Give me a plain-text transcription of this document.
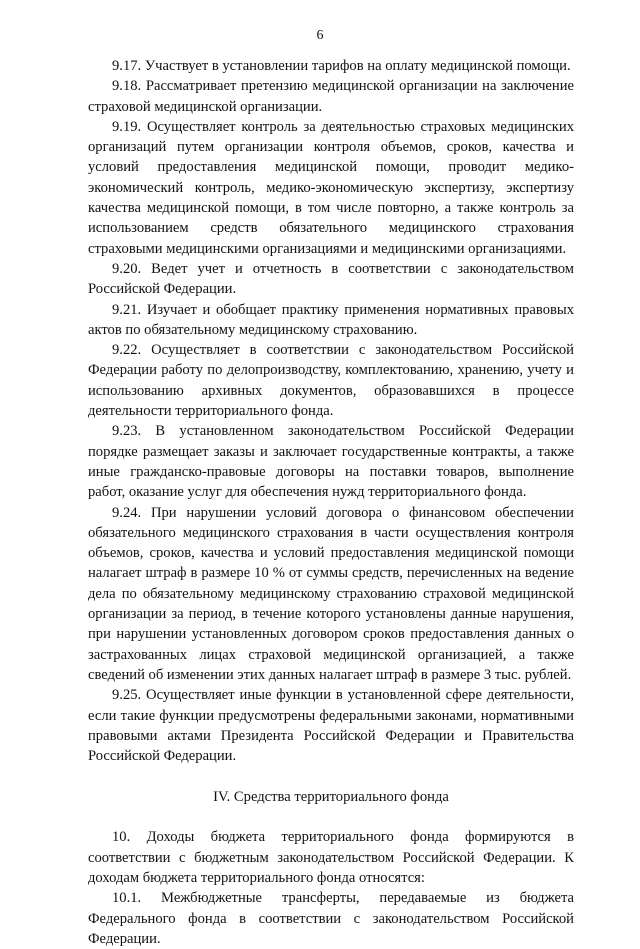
6

9.17. Участвует в установлении тарифов на оплату медицинской помощи.

9.18. Рассматривает претензию медицинской организации на заключение страховой медицинской организации.

9.19. Осуществляет контроль за деятельностью страховых медицинских организаций путем организации контроля объемов, сроков, качества и условий предоставления медицинской помощи, проводит медико-экономический контроль, медико-экономическую экспертизу, экспертизу качества медицинской помощи, в том числе повторно, а также контроль за использованием средств обязательного медицинского страхования страховыми медицинскими организациями и медицинскими организациями.

9.20. Ведет учет и отчетность в соответствии с законодательством Российской Федерации.

9.21. Изучает и обобщает практику применения нормативных правовых актов по обязательному медицинскому страхованию.

9.22. Осуществляет в соответствии с законодательством Российской Федерации работу по делопроизводству, комплектованию, хранению, учету и использованию архивных документов, образовавшихся в процессе деятельности территориального фонда.

9.23. В установленном законодательством Российской Федерации порядке размещает заказы и заключает государственные контракты, а также иные гражданско-правовые договоры на поставки товаров, выполнение работ, оказание услуг для обеспечения нужд территориального фонда.

9.24. При нарушении условий договора о финансовом обеспечении обязательного медицинского страхования в части осуществления контроля объемов, сроков, качества и условий предоставления медицинской помощи налагает штраф в размере 10 % от суммы средств, перечисленных на ведение дела по обязательному медицинскому страхованию страховой медицинской организации за период, в течение которого установлены данные нарушения, при нарушении установленных договором сроков предоставления данных о застрахованных лицах страховой медицинской организацией, а также сведений об изменении этих данных налагает штраф в размере 3 тыс. рублей.

9.25. Осуществляет иные функции в установленной сфере деятельности, если такие функции предусмотрены федеральными законами, нормативными правовыми актами Президента Российской Федерации и Правительства Российской Федерации.

IV. Средства территориального фонда

10. Доходы бюджета территориального фонда формируются в соответствии с бюджетным законодательством Российской Федерации. К доходам бюджета территориального фонда относятся:

10.1. Межбюджетные трансферты, передаваемые из бюджета Федерального фонда в соответствии с законодательством Российской Федерации.
